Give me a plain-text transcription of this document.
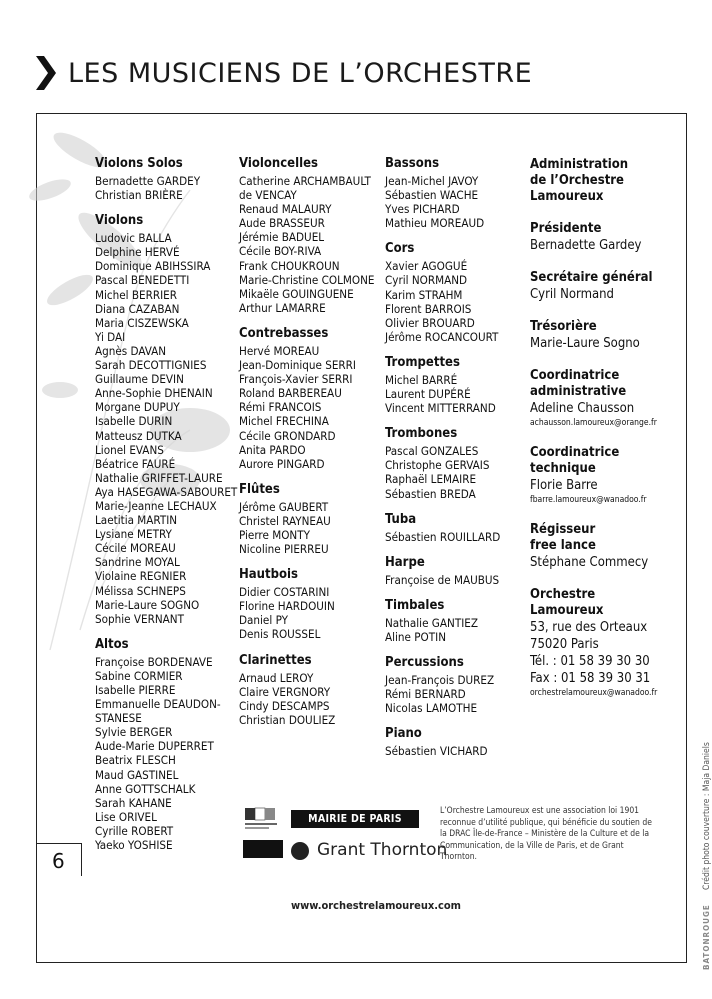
LES MUSICIENS DE L’ORCHESTRE
Violons Solos
Bernadette GARDEY
Christian BRIÈRE
Violons
Ludovic BALLA
Delphine HERVÉ
Dominique ABIHSSIRA
Pascal BENEDETTI
Michel BERRIER
Diana CAZABAN
Maria CISZEWSKA
Yi DAI
Agnès DAVAN
Sarah DECOTTIGNIES
Guillaume DEVIN
Anne-Sophie DHENAIN
Morgane DUPUY
Isabelle DURIN
Matteusz DUTKA
Lionel EVANS
Béatrice FAURÉ
Nathalie GRIFFET-LAURE
Aya HASEGAWA-SABOURET
Marie-Jeanne LECHAUX
Laetitia MARTIN
Lysiane METRY
Cécile MOREAU
Sandrine MOYAL
Violaine REGNIER
Mélissa SCHNEPS
Marie-Laure SOGNO
Sophie VERNANT
Altos
Françoise BORDENAVE
Sabine CORMIER
Isabelle PIERRE
Emmanuelle DEAUDON-
STANESE
Sylvie BERGER
Aude-Marie DUPERRET
Beatrix FLESCH
Maud GASTINEL
Anne GOTTSCHALK
Sarah KAHANE
Lise ORIVEL
Cyrille ROBERT
Yaeko YOSHISE
Violoncelles
Catherine ARCHAMBAULT
de VENCAY
Renaud MALAURY
Aude BRASSEUR
Jérémie BADUEL
Cécile BOY-RIVA
Frank CHOUKROUN
Marie-Christine COLMONE
Mikaële GOUINGUENE
Arthur LAMARRE
Contrebasses
Hervé MOREAU
Jean-Dominique SERRI
François-Xavier SERRI
Roland BARBEREAU
Rémi FRANCOIS
Michel FRECHINA
Cécile GRONDARD
Anita PARDO
Aurore PINGARD
Flûtes
Jérôme GAUBERT
Christel RAYNEAU
Pierre MONTY
Nicoline PIERREU
Hautbois
Didier COSTARINI
Florine HARDOUIN
Daniel PY
Denis ROUSSEL
Clarinettes
Arnaud LEROY
Claire VERGNORY
Cindy DESCAMPS
Christian DOULIEZ
Bassons
Jean-Michel JAVOY
Sébastien WACHE
Yves PICHARD
Mathieu MOREAUD
Cors
Xavier AGOGUÉ
Cyril NORMAND
Karim STRAHM
Florent BARROIS
Olivier BROUARD
Jérôme ROCANCOURT
Trompettes
Michel BARRÉ
Laurent DUPÉRÉ
Vincent MITTERRAND
Trombones
Pascal GONZALES
Christophe GERVAIS
Raphaël LEMAIRE
Sébastien BREDA
Tuba
Sébastien ROUILLARD
Harpe
Françoise de MAUBUS
Timbales
Nathalie GANTIEZ
Aline POTIN
Percussions
Jean-François DUREZ
Rémi BERNARD
Nicolas LAMOTHE
Piano
Sébastien VICHARD
Administration
de l’Orchestre
Lamoureux
Présidente
Bernadette Gardey
Secrétaire général
Cyril Normand
Trésorière
Marie-Laure Sogno
Coordinatrice
administrative
Adeline Chausson
achausson.lamoureux@orange.fr
Coordinatrice
technique
Florie Barre
fbarre.lamoureux@wanadoo.fr
Régisseur
free lance
Stéphane Commecy
Orchestre
Lamoureux
53, rue des Orteaux
75020 Paris
Tél. : 01 58 39 30 30
Fax : 01 58 39 30 31
orchestrelamoureux@wanadoo.fr
6
MAIRIE DE PARIS
Grant Thornton
L’Orchestre Lamoureux est une association loi 1901 reconnue d’utilité publique, qui bénéficie du soutien de la DRAC Île-de-France – Ministère de la Culture et de la Communication, de la Ville de Paris, et de Grant Thornton.
www.orchestrelamoureux.com
Crédit photo couverture : Maja Daniels
BATONROUGE
